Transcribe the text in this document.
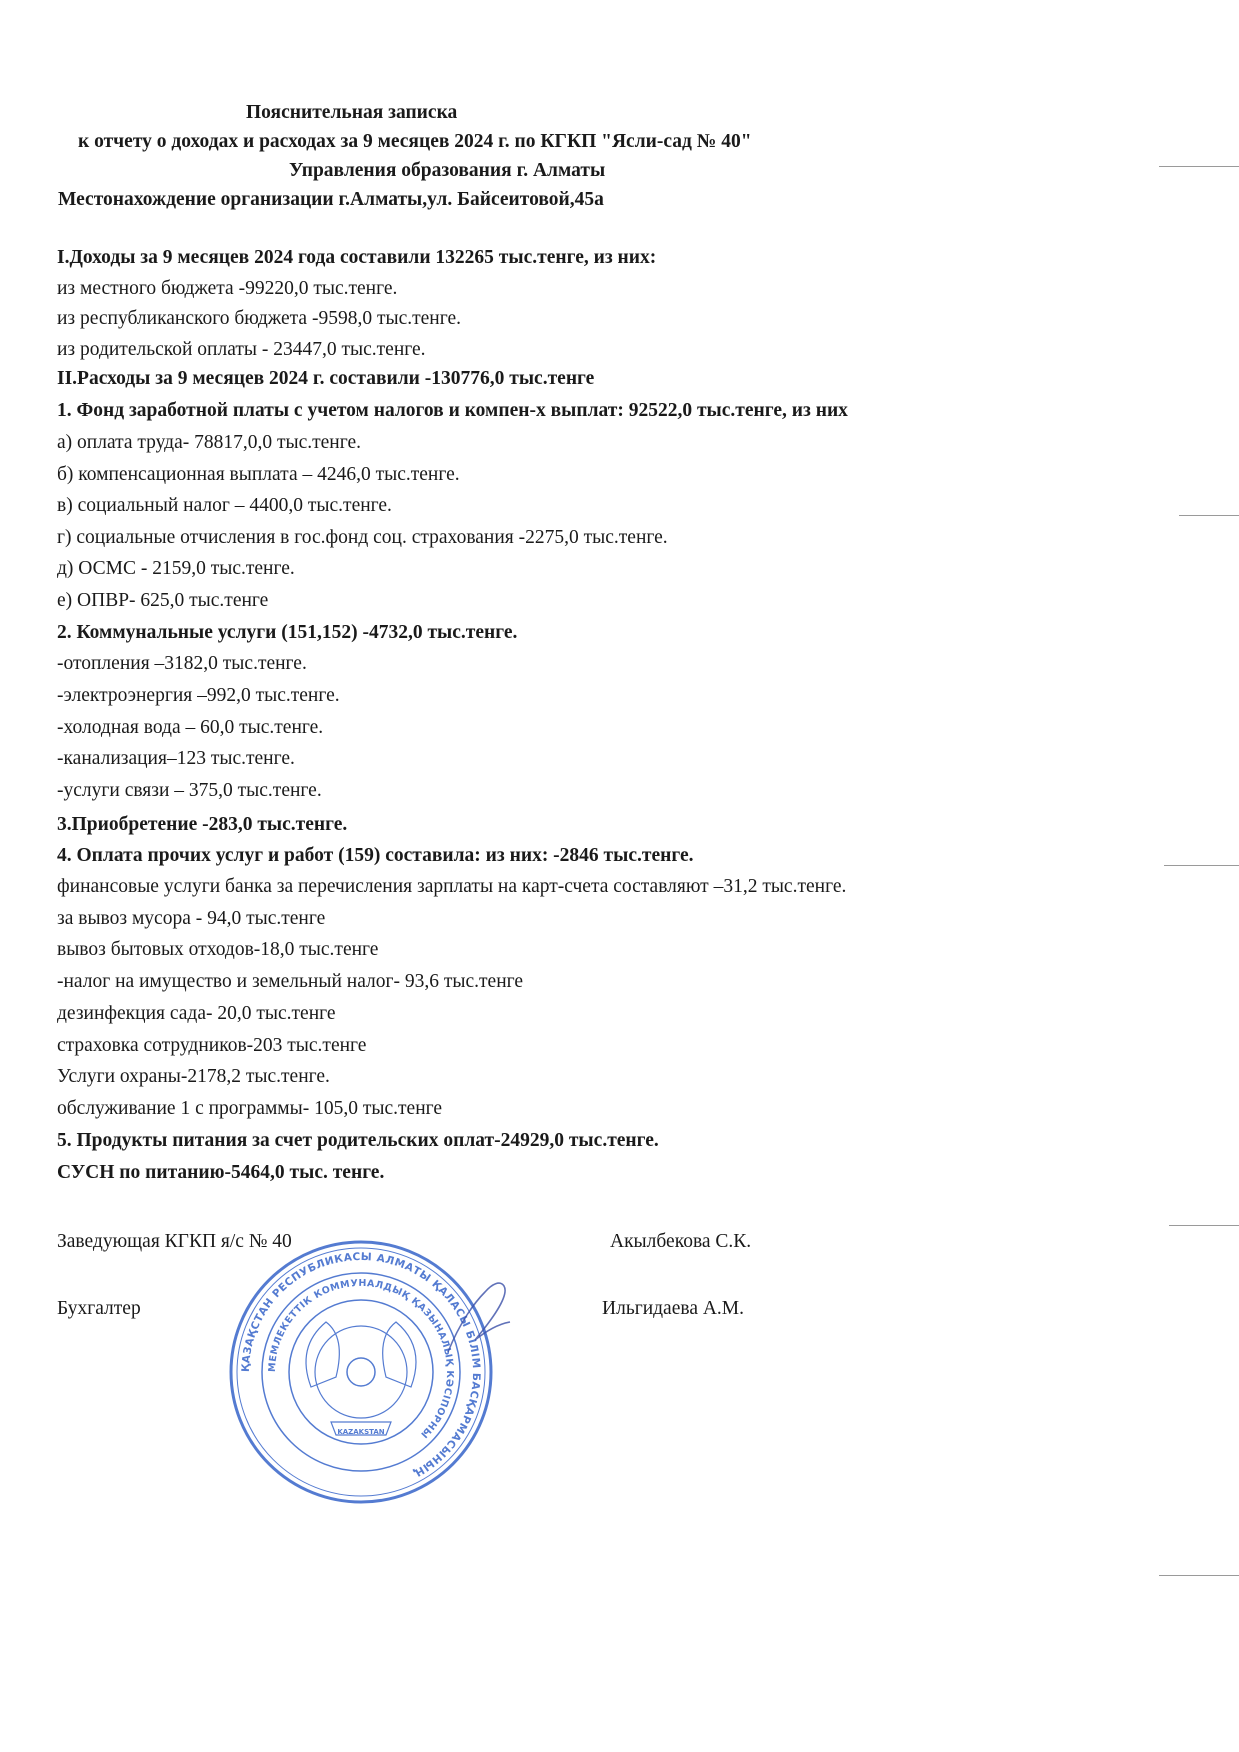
Пояснительная записка
к отчету о доходах и расходах за 9 месяцев 2024 г. по КГКП "Ясли-сад № 40"
Управления образования г. Алматы
Местонахождение организации г.Алматы,ул. Байсеитовой,45а
I.Доходы за 9 месяцев 2024 года составили 132265 тыс.тенге, из них:
из местного бюджета -99220,0 тыс.тенге.
из республиканского бюджета -9598,0 тыс.тенге.
из родительской оплаты - 23447,0 тыс.тенге.
II.Расходы за 9 месяцев 2024 г. составили -130776,0 тыс.тенге
1. Фонд заработной платы с учетом налогов и компен-х выплат: 92522,0 тыс.тенге, из них
а) оплата труда- 78817,0,0 тыс.тенге.
б) компенсационная выплата – 4246,0 тыс.тенге.
в) социальный налог – 4400,0 тыс.тенге.
г) социальные отчисления в гос.фонд соц. страхования -2275,0 тыс.тенге.
д) ОСМС - 2159,0 тыс.тенге.
е) ОПВР- 625,0 тыс.тенге
2. Коммунальные услуги (151,152) -4732,0 тыс.тенге.
-отопления –3182,0 тыс.тенге.
-электроэнергия –992,0 тыс.тенге.
-холодная вода – 60,0 тыс.тенге.
-канализация–123 тыс.тенге.
-услуги связи – 375,0 тыс.тенге.
3.Приобретение -283,0 тыс.тенге.
4. Оплата прочих услуг и работ (159) составила: из них: -2846 тыс.тенге.
финансовые услуги банка за перечисления зарплаты на карт-счета составляют –31,2 тыс.тенге.
за вывоз мусора - 94,0 тыс.тенге
вывоз бытовых отходов-18,0 тыс.тенге
-налог на имущество и земельный налог- 93,6 тыс.тенге
дезинфекция сада- 20,0 тыс.тенге
страховка сотрудников-203 тыс.тенге
Услуги охраны-2178,2 тыс.тенге.
обслуживание 1 с программы- 105,0 тыс.тенге
5. Продукты питания за счет родительских оплат-24929,0 тыс.тенге.
СУСН по питанию-5464,0 тыс. тенге.
Заведующая КГКП я/с № 40	Акылбекова С.К.
Бухгалтер	Ильгидаева А.М.
ҚАЗАҚСТАН РЕСПУБЛИКАСЫ АЛМАТЫ ҚАЛАСЫ БІЛІМ БАСҚАРМАСЫНЫҢ
МЕМЛЕКЕТТІК КОММУНАЛДЫҚ ҚАЗЫНАЛЫҚ КӘСІПОРНЫ
KAZAKSTAN
